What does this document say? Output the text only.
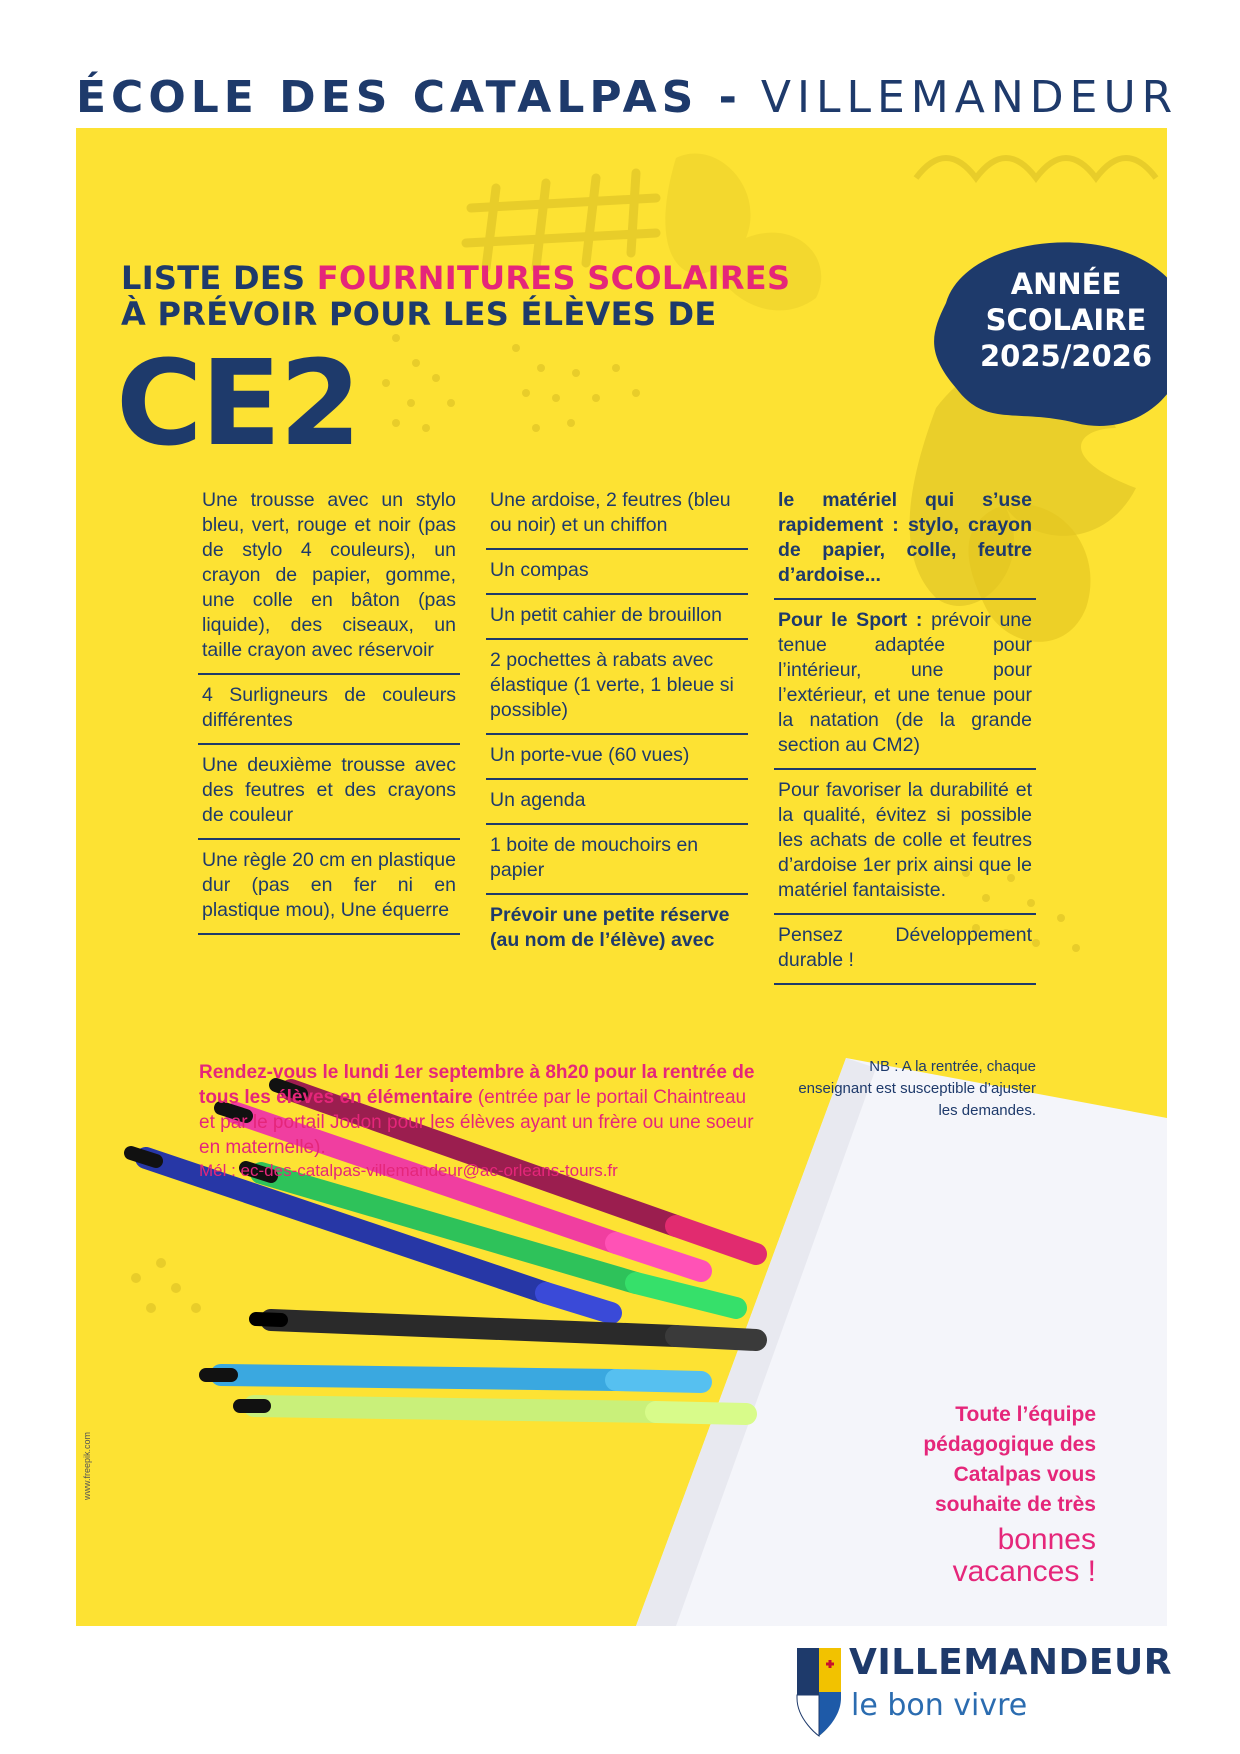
ÉCOLE DES CATALPAS - VILLEMANDEUR
LISTE DES FOURNITURES SCOLAIRES
À PRÉVOIR POUR LES ÉLÈVES DE
CE2
ANNÉE
SCOLAIRE
2025/2026
Une trousse avec un stylo bleu, vert, rouge et noir (pas de stylo 4 couleurs), un crayon de papier, gomme, une colle en bâton (pas liquide), des ciseaux, un taille crayon avec réservoir
4 Surligneurs de couleurs différentes
Une deuxième trousse avec des feutres et des crayons de couleur
Une règle 20 cm en plastique dur (pas en fer ni en plastique mou), Une équerre
Une ardoise, 2 feutres (bleu ou noir) et un chiffon
Un compas
Un petit cahier de brouillon
2 pochettes à rabats avec élastique (1 verte, 1 bleue si possible)
Un porte-vue (60 vues)
Un agenda
1 boite de mouchoirs en papier
Prévoir une petite réserve (au nom de l’élève) avec
le matériel qui s’use rapidement : stylo, crayon de papier, colle, feutre d’ardoise...
Pour le Sport : prévoir une tenue adaptée pour l’intérieur, une pour l’extérieur, et une tenue pour la natation (de la grande section au CM2)
Pour favoriser la durabilité et la qualité, évitez si possible les achats de colle et feutres d’ardoise 1er prix ainsi que le matériel fantaisiste.
Pensez Développement durable !
NB : A la rentrée, chaque enseignant est susceptible d’ajuster les demandes.
Rendez-vous le lundi 1er septembre à 8h20 pour la rentrée de tous les élèves en élémentaire (entrée par le portail Chaintreau et par le portail Jodon pour les élèves ayant un frère ou une soeur en maternelle).
Mél : ec-des-catalpas-villemandeur@ac-orleans-tours.fr
Toute l’équipe pédagogique des Catalpas vous souhaite de très
bonnes vacances !
www.freepik.com
VILLEMANDEUR
le bon vivre
